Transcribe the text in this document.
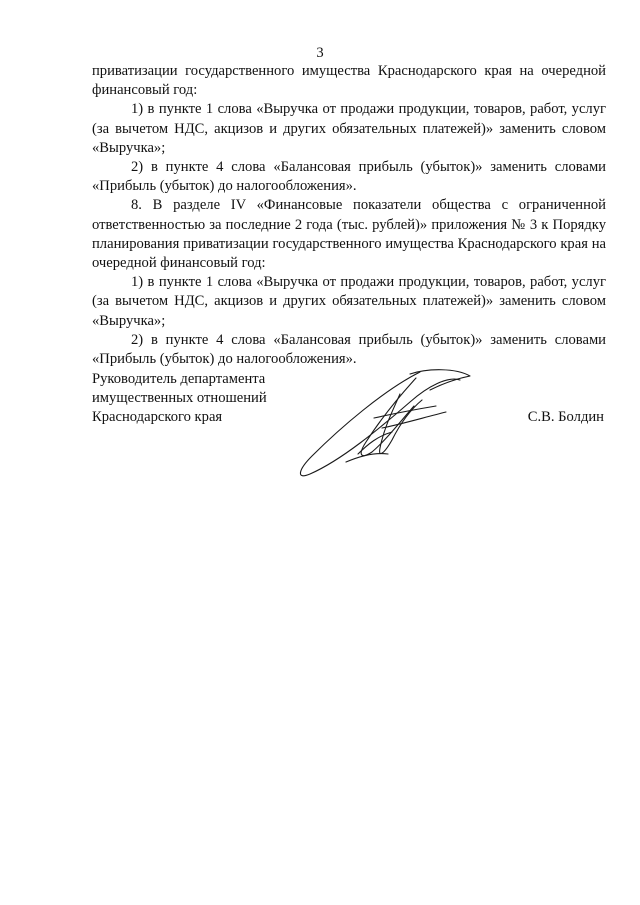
3

приватизации государственного имущества Краснодарского края на очередной финансовый год:

1) в пункте 1 слова «Выручка от продажи продукции, товаров, работ, услуг (за вычетом НДС, акцизов и других обязательных платежей)» заменить словом «Выручка»;

2) в пункте 4 слова «Балансовая прибыль (убыток)» заменить словами «Прибыль (убыток) до налогообложения».

8. В разделе IV «Финансовые показатели общества с ограниченной ответственностью за последние 2 года (тыс. рублей)» приложения № 3 к Порядку планирования приватизации государственного имущества Краснодарского края на очередной финансовый год:

1) в пункте 1 слова «Выручка от продажи продукции, товаров, работ, услуг (за вычетом НДС, акцизов и других обязательных платежей)» заменить словом «Выручка»;

2) в пункте 4 слова «Балансовая прибыль (убыток)» заменить словами «Прибыль (убыток) до налогообложения».

Руководитель департамента
имущественных отношений
Краснодарского края	С.В. Болдин
